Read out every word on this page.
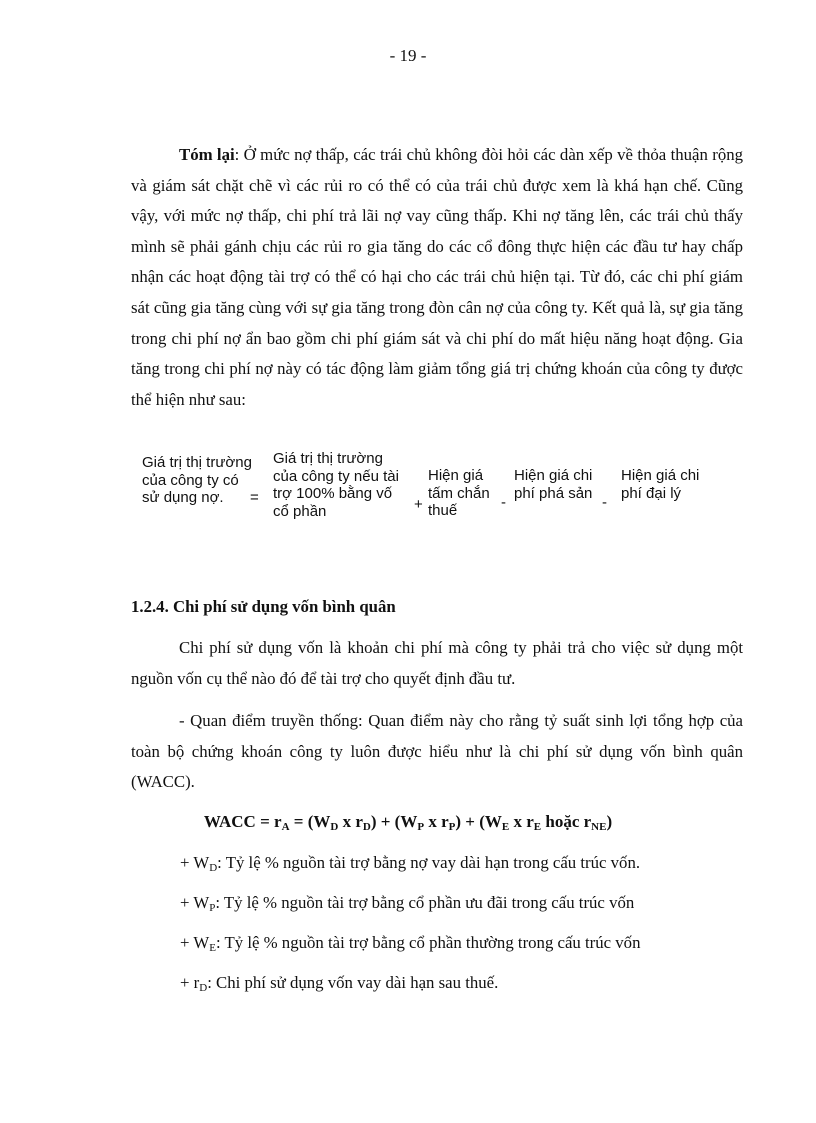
- 19 -

Tóm lại: Ở mức nợ thấp, các trái chủ không đòi hỏi các dàn xếp về thỏa thuận rộng và giám sát chặt chẽ vì các rủi ro có thể có của trái chủ được xem là khá hạn chế. Cũng vậy, với mức nợ thấp, chi phí trả lãi nợ vay cũng thấp. Khi nợ tăng lên, các trái chủ thấy mình sẽ phải gánh chịu các rủi ro gia tăng do các cổ đông thực hiện các đầu tư hay chấp nhận các hoạt động tài trợ có thể có hại cho các trái chủ hiện tại. Từ đó, các chi phí giám sát cũng gia tăng cùng với sự gia tăng trong đòn cân nợ của công ty. Kết quả là, sự gia tăng trong chi phí nợ ẩn bao gồm chi phí giám sát và chi phí do mất hiệu năng hoạt động. Gia tăng trong chi phí nợ này có tác động làm giảm tổng giá trị chứng khoán của công ty được thể hiện như sau:

Giá trị thị trường của công ty có sử dụng nợ.	=
Giá trị thị trường của công ty nếu tài trợ 100% bằng vố cổ phần	+
Hiện giá tấm chắn thuế	-
Hiện giá chi phí phá sản
-
Hiện giá chi phí đại lý
1.2.4. Chi phí sử dụng vốn bình quân

Chi phí sử dụng vốn là khoản chi phí mà công ty phải trả cho việc sử dụng một nguồn vốn cụ thể nào đó để tài trợ cho quyết định đầu tư.

- Quan điểm truyền thống: Quan điểm này cho rằng tỷ suất sinh lợi tổng hợp của toàn bộ chứng khoán công ty luôn được hiểu như là chi phí sử dụng vốn bình quân (WACC).

WACC = $r_A = (W_D$ x $r_D) + (W_P$ x $r_P) + (W_E$ x $r_E$ hoặc $r_{NE}$)
+ $W_D$: Tỷ lệ % nguồn tài trợ bằng nợ vay dài hạn trong cấu trúc vốn.
+ $W_P$: Tỷ lệ % nguồn tài trợ bằng cổ phần ưu đãi trong cấu trúc vốn
+ $W_E$: Tỷ lệ % nguồn tài trợ bằng cổ phần thường trong cấu trúc vốn
+ $r_D$: Chi phí sử dụng vốn vay dài hạn sau thuế.
